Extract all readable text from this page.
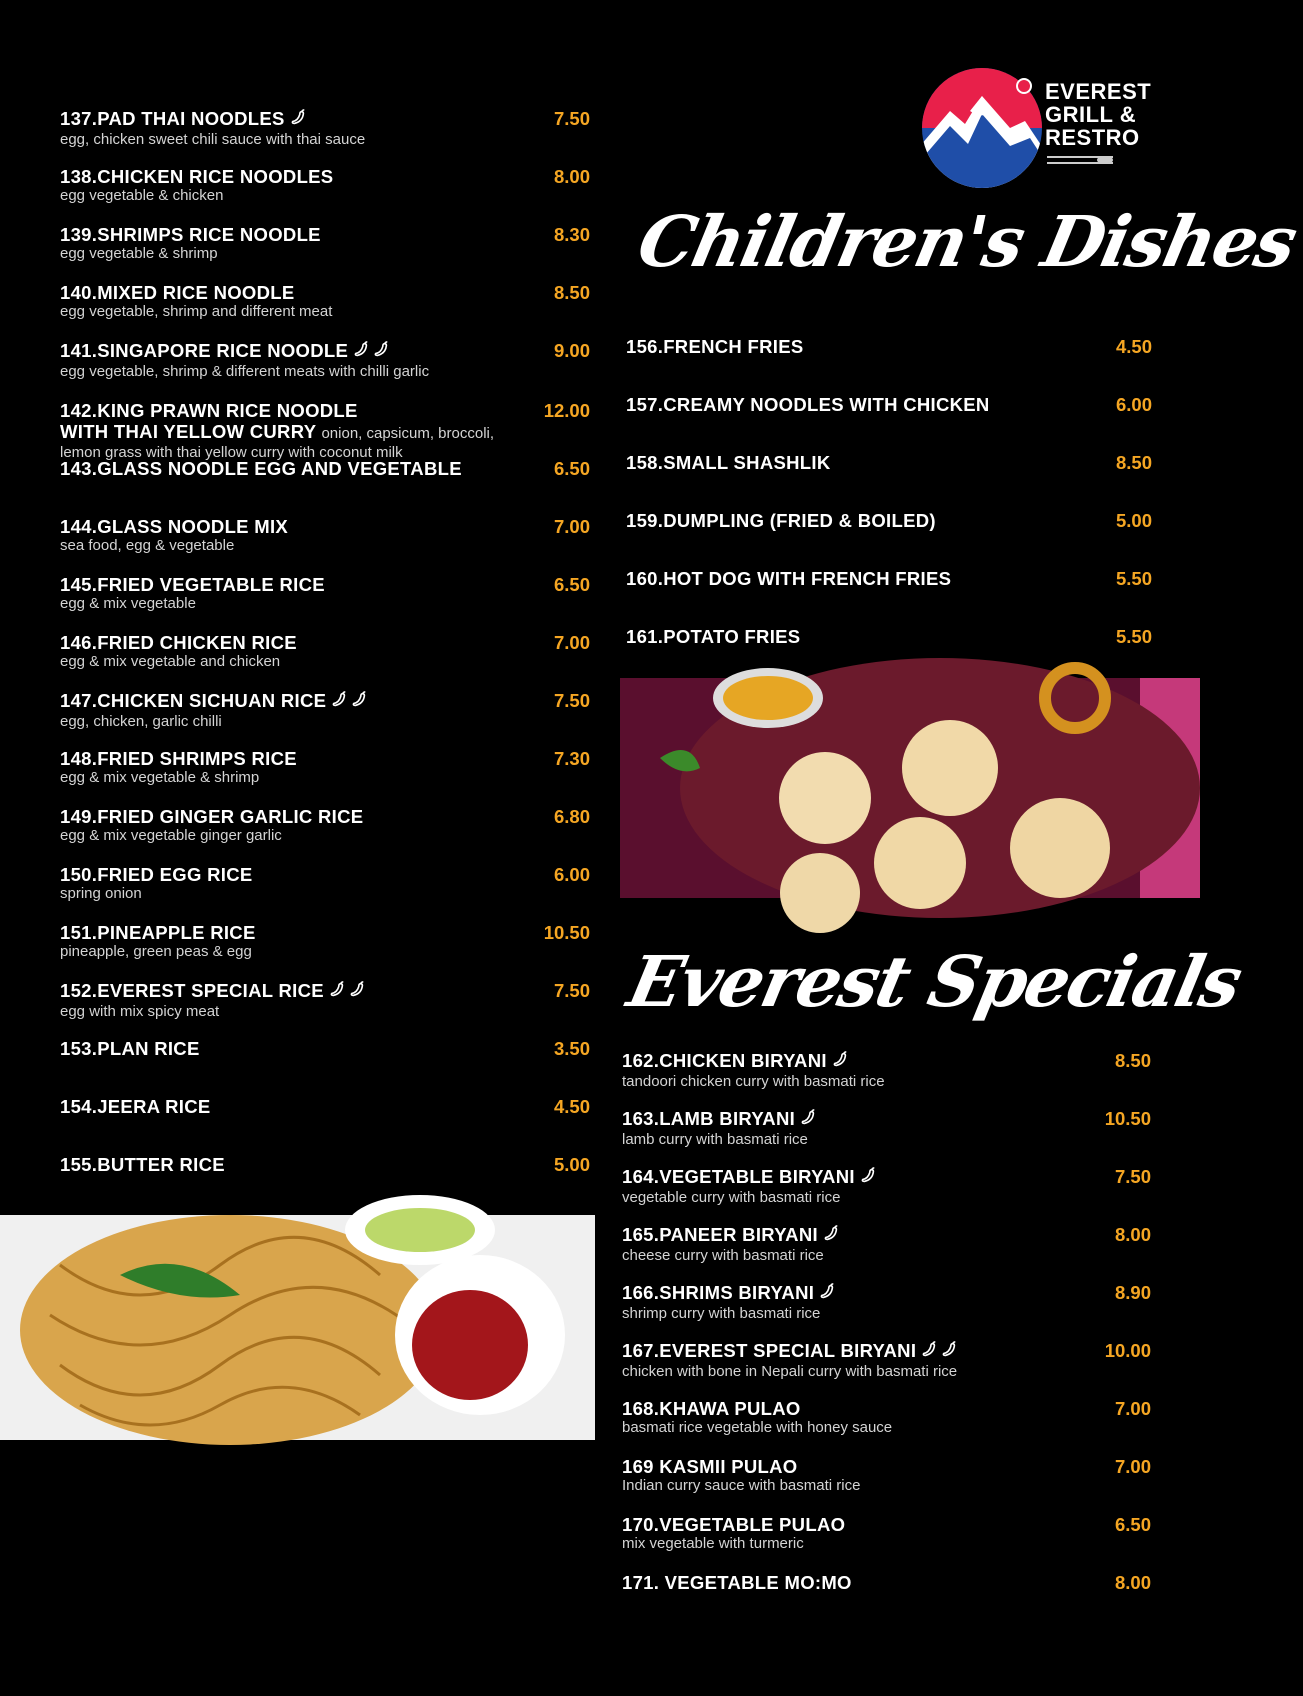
EVEREST
GRILL &
RESTRO
Children's Dishes
Everest Specials
137.PAD THAI NOODLES
egg, chicken sweet chili sauce with thai sauce
7.50
138.CHICKEN RICE NOODLES
egg vegetable & chicken
8.00
139.SHRIMPS RICE NOODLE
egg vegetable & shrimp
8.30
140.MIXED RICE NOODLE
egg vegetable, shrimp and different meat
8.50
141.SINGAPORE RICE NOODLE
egg vegetable, shrimp & different meats with chilli garlic
9.00
142.KING PRAWN RICE NOODLE
WITH THAI YELLOW CURRY onion, capsicum, broccoli,
lemon grass with thai yellow curry with coconut milk
12.00
143.GLASS NOODLE EGG AND VEGETABLE	6.50
144.GLASS NOODLE MIX
sea food, egg & vegetable
7.00
145.FRIED VEGETABLE RICE
egg & mix vegetable
6.50
146.FRIED CHICKEN RICE
egg & mix vegetable and chicken
7.00
147.CHICKEN SICHUAN RICE
egg, chicken, garlic chilli
7.50
148.FRIED SHRIMPS RICE
egg & mix vegetable & shrimp
7.30
149.FRIED GINGER GARLIC RICE
egg & mix vegetable ginger garlic
6.80
150.FRIED EGG RICE
spring onion
6.00
151.PINEAPPLE RICE
pineapple, green peas & egg
10.50
152.EVEREST SPECIAL RICE
egg with mix spicy meat
7.50
153.PLAN RICE	3.50
154.JEERA RICE	4.50
155.BUTTER RICE	5.00
156.FRENCH FRIES	4.50
157.CREAMY NOODLES WITH CHICKEN	6.00
158.SMALL SHASHLIK	8.50
159.DUMPLING (FRIED & BOILED)	5.00
160.HOT DOG WITH FRENCH FRIES	5.50
161.POTATO FRIES	5.50
162.CHICKEN BIRYANI
tandoori chicken curry with basmati rice
8.50
163.LAMB BIRYANI
lamb curry with basmati rice
10.50
164.VEGETABLE BIRYANI
vegetable curry with basmati rice
7.50
165.PANEER BIRYANI
cheese curry with basmati rice
8.00
166.SHRIMS BIRYANI
shrimp curry with basmati rice
8.90
167.EVEREST SPECIAL BIRYANI
chicken with bone in Nepali curry with basmati rice
10.00
168.KHAWA PULAO
basmati rice vegetable with honey sauce
7.00
169 KASMII PULAO
Indian curry sauce with basmati rice
7.00
170.VEGETABLE PULAO
mix vegetable with turmeric
6.50
171. VEGETABLE MO:MO	8.00
